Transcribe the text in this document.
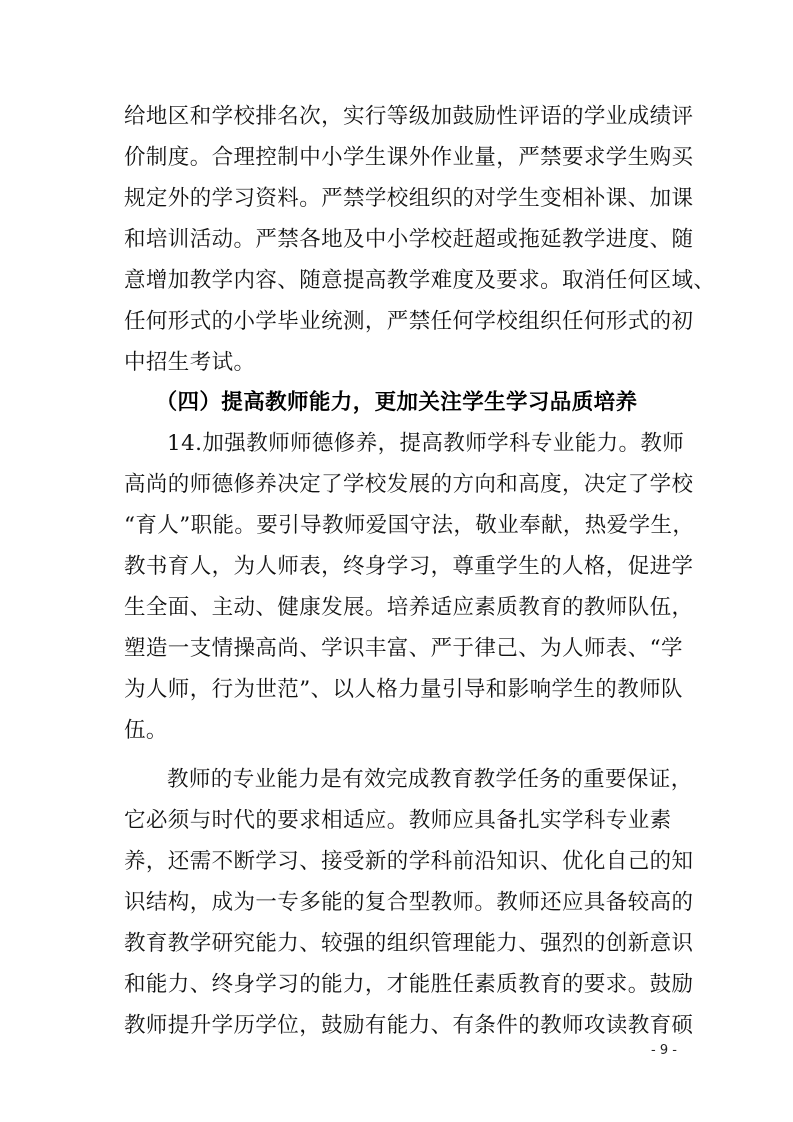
给地区和学校排名次，实行等级加鼓励性评语的学业成绩评
价制度。合理控制中小学生课外作业量，严禁要求学生购买
规定外的学习资料。严禁学校组织的对学生变相补课、加课
和培训活动。严禁各地及中小学校赶超或拖延教学进度、随
意增加教学内容、随意提高教学难度及要求。取消任何区域、
任何形式的小学毕业统测，严禁任何学校组织任何形式的初
中招生考试。
（四）提高教师能力，更加关注学生学习品质培养
14.加强教师师德修养，提高教师学科专业能力。教师
高尚的师德修养决定了学校发展的方向和高度，决定了学校
“育人”职能。要引导教师爱国守法，敬业奉献，热爱学生，
教书育人，为人师表，终身学习，尊重学生的人格，促进学
生全面、主动、健康发展。培养适应素质教育的教师队伍，
塑造一支情操高尚、学识丰富、严于律己、为人师表、“学
为人师，行为世范”、以人格力量引导和影响学生的教师队
伍。
教师的专业能力是有效完成教育教学任务的重要保证，
它必须与时代的要求相适应。教师应具备扎实学科专业素
养，还需不断学习、接受新的学科前沿知识、优化自己的知
识结构，成为一专多能的复合型教师。教师还应具备较高的
教育教学研究能力、较强的组织管理能力、强烈的创新意识
和能力、终身学习的能力，才能胜任素质教育的要求。鼓励
教师提升学历学位，鼓励有能力、有条件的教师攻读教育硕
- 9 -
